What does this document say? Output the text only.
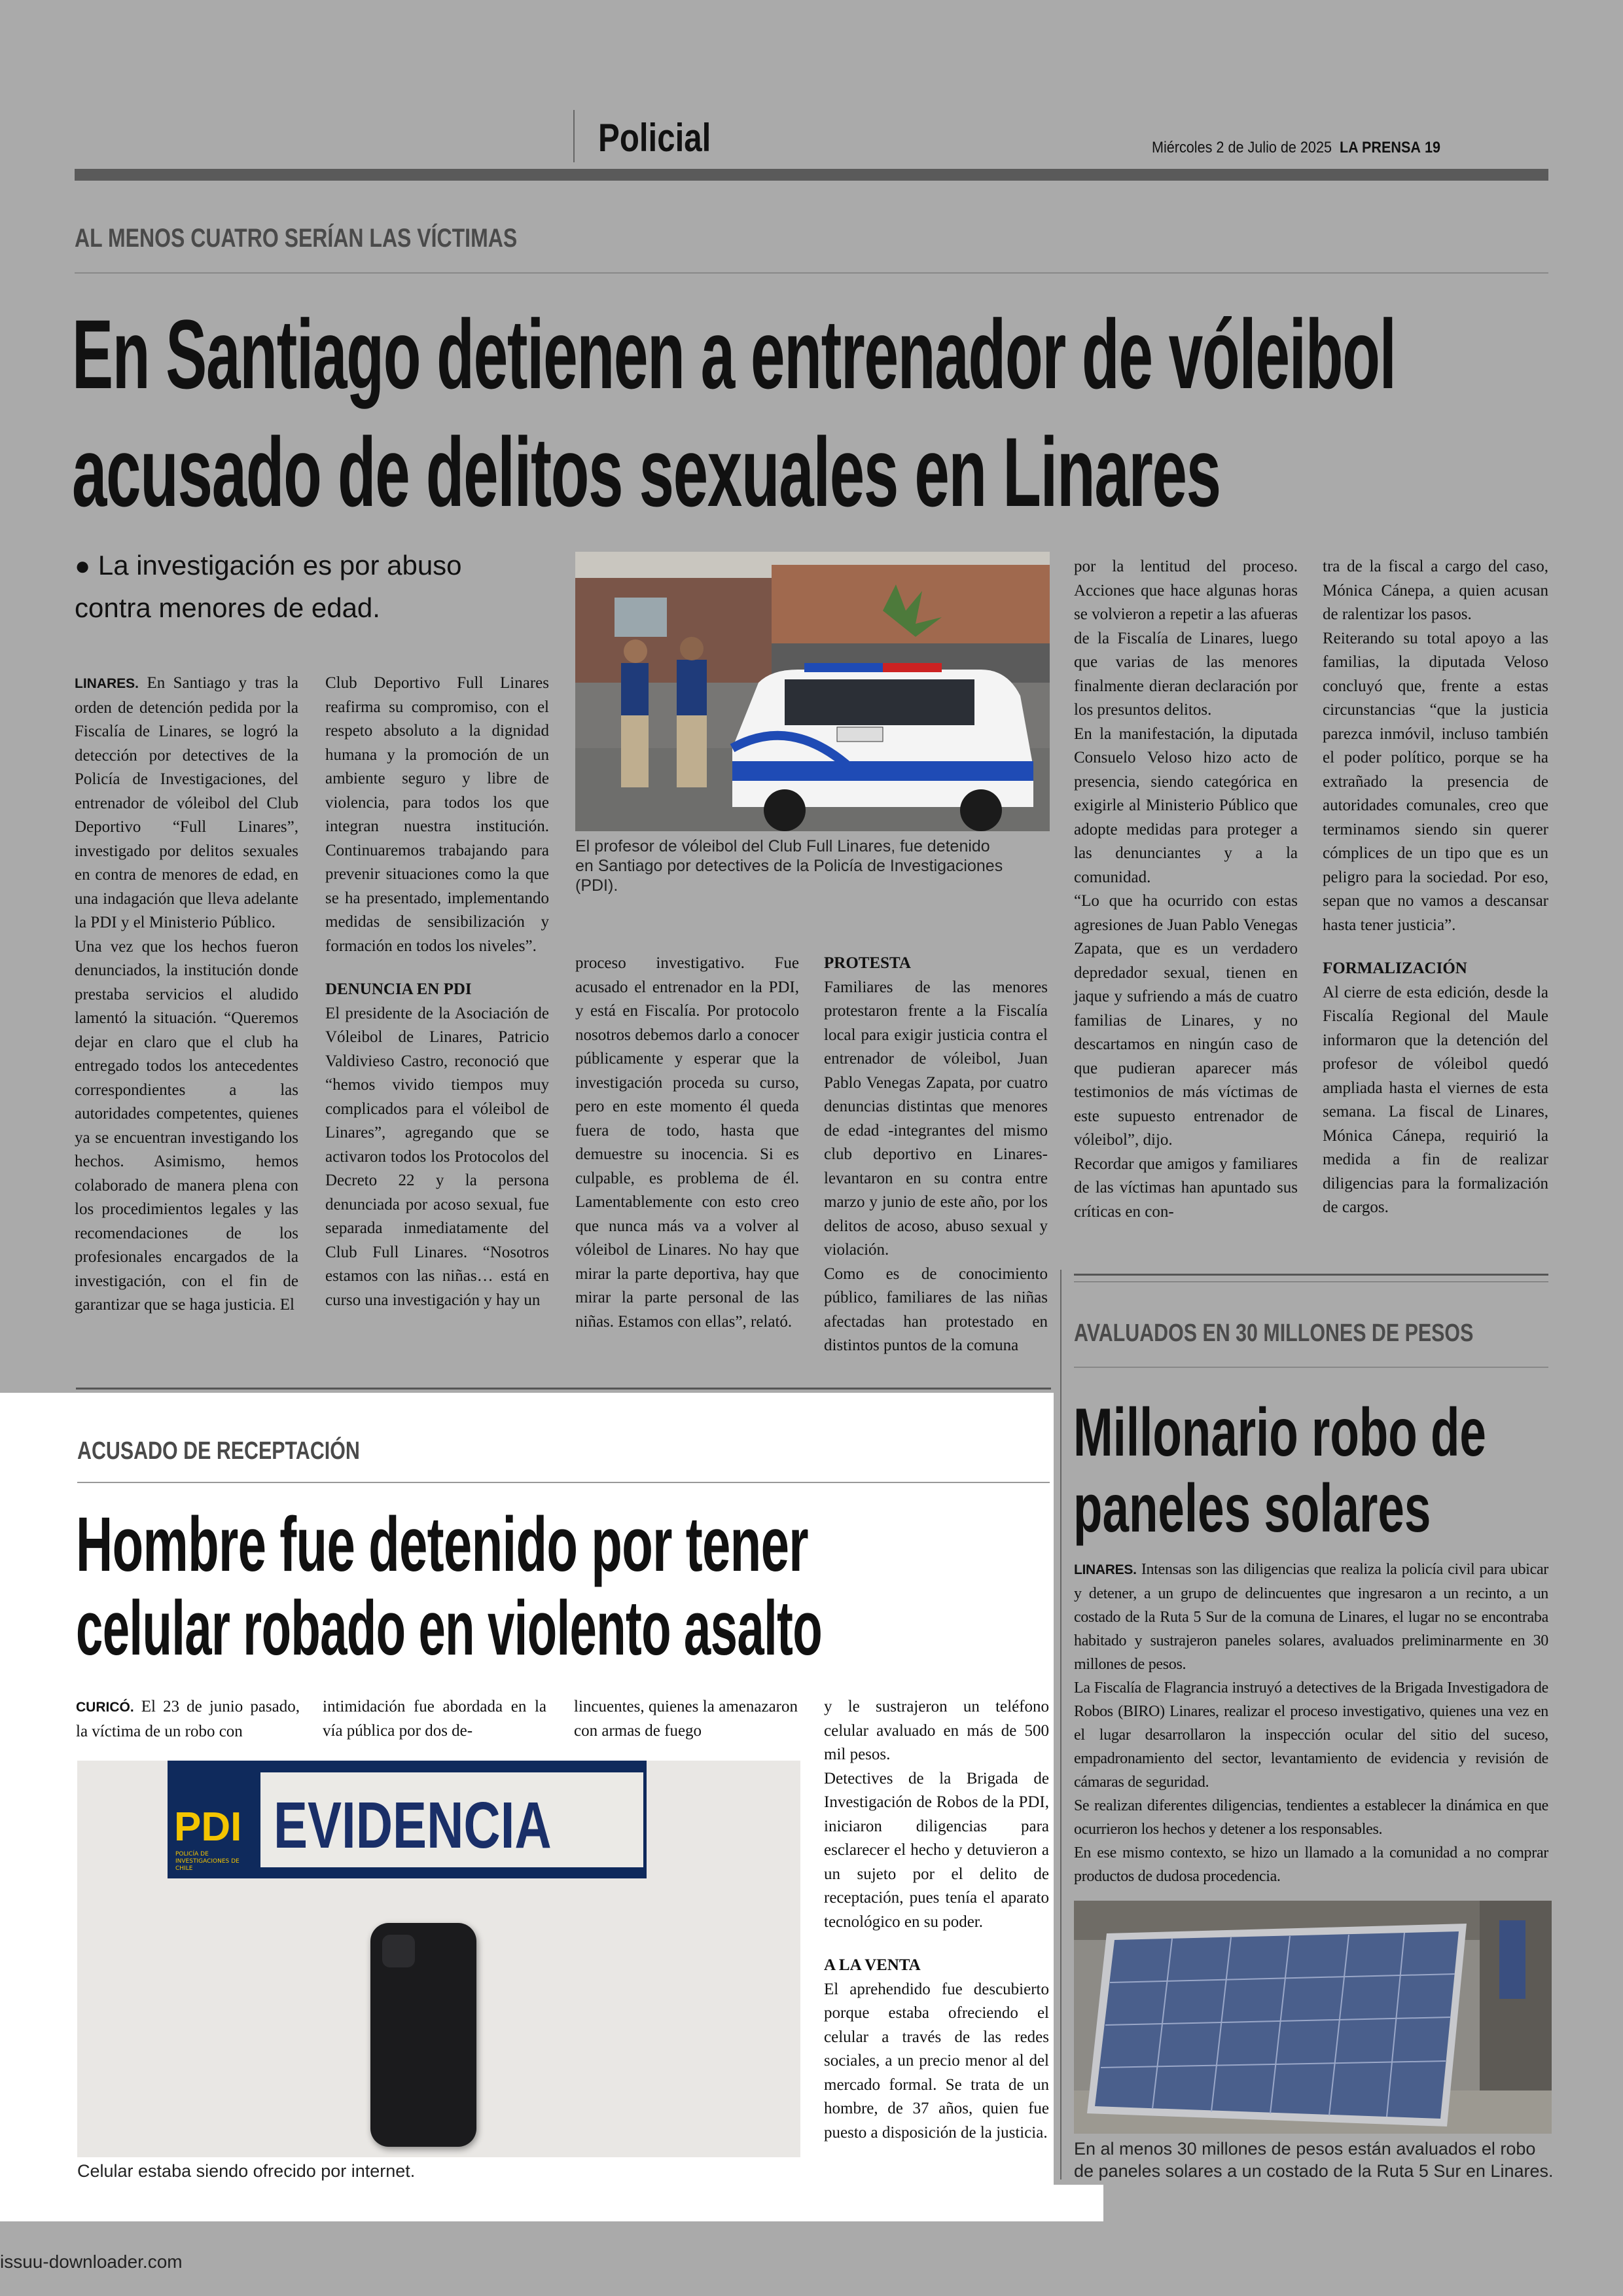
Policial	Miércoles 2 de Julio de 2025 LA PRENSA 19
AL MENOS CUATRO SERÍAN LAS VÍCTIMAS
En Santiago detienen a entrenador de vóleibol
acusado de delitos sexuales en Linares
● La investigación es por abuso
contra menores de edad.
El profesor de vóleibol del Club Full Linares, fue detenido
en Santiago por detectives de la Policía de Investigaciones
(PDI).

LINARES. En Santiago y tras la orden de detención pedida por la Fiscalía de Linares, se logró la detección por detectives de la Policía de Investigaciones, del entrenador de vóleibol del Club Deportivo “Full Linares”, investigado por delitos sexuales en contra de menores de edad, en una indagación que lleva adelante la PDI y el Ministerio Público.

Una vez que los hechos fueron denunciados, la institución donde prestaba servicios el aludido lamentó la situación. “Queremos dejar en claro que el club ha entregado todos los antecedentes correspondientes a las autoridades competentes, quienes ya se encuentran investigando los hechos. Asimismo, hemos colaborado de manera plena con los procedimientos legales y las recomendaciones de los profesionales encargados de la investigación, con el fin de garantizar que se haga justicia. El

Club Deportivo Full Linares reafirma su compromiso, con el respeto absoluto a la dignidad humana y la promoción de un ambiente seguro y libre de violencia, para todos los que integran nuestra institución. Continuaremos trabajando para prevenir situaciones como la que se ha presentado, implementando medidas de sensibilización y formación en todos los niveles”.

DENUNCIA EN PDI

El presidente de la Asociación de Vóleibol de Linares, Patricio Valdivieso Castro, reconoció que “hemos vivido tiempos muy complicados para el vóleibol de Linares”, agregando que se activaron todos los Protocolos del Decreto 22 y la persona denunciada por acoso sexual, fue separada inmediatamente del Club Full Linares. “Nosotros estamos con las niñas… está en curso una investigación y hay un

proceso investigativo. Fue acusado el entrenador en la PDI, y está en Fiscalía. Por protocolo nosotros debemos darlo a conocer públicamente y esperar que la investigación proceda su curso, pero en este momento él queda fuera de todo, hasta que demuestre su inocencia. Si es culpable, es problema de él. Lamentablemente con esto creo que nunca más va a volver al vóleibol de Linares. No hay que mirar la parte deportiva, hay que mirar la parte personal de las niñas. Estamos con ellas”, relató.

PROTESTA

Familiares de las menores protestaron frente a la Fiscalía local para exigir justicia contra el entrenador de vóleibol, Juan Pablo Venegas Zapata, por cuatro denuncias distintas que menores de edad -integrantes del mismo club deportivo en Linares- levantaron en su contra entre marzo y junio de este año, por los delitos de acoso, abuso sexual y violación.

Como es de conocimiento público, familiares de las niñas afectadas han protestado en distintos puntos de la comuna

por la lentitud del proceso. Acciones que hace algunas horas se volvieron a repetir a las afueras de la Fiscalía de Linares, luego que varias de las menores finalmente dieran declaración por los presuntos delitos.

En la manifestación, la diputada Consuelo Veloso hizo acto de presencia, siendo categórica en exigirle al Ministerio Público que adopte medidas para proteger a las denunciantes y a la comunidad.

“Lo que ha ocurrido con estas agresiones de Juan Pablo Venegas Zapata, que es un verdadero depredador sexual, tienen en jaque y sufriendo a más de cuatro familias de Linares, y no descartamos en ningún caso de que pudieran aparecer más testimonios de más víctimas de este supuesto entrenador de vóleibol”, dijo.

Recordar que amigos y familiares de las víctimas han apuntado sus críticas en con-

tra de la fiscal a cargo del caso, Mónica Cánepa, a quien acusan de ralentizar los pasos.

Reiterando su total apoyo a las familias, la diputada Veloso concluyó que, frente a estas circunstancias “que la justicia parezca inmóvil, incluso también el poder político, porque se ha extrañado la presencia de autoridades comunales, creo que terminamos siendo sin querer cómplices de un tipo que es un peligro para la sociedad. Por eso, sepan que no vamos a descansar hasta tener justicia”.

FORMALIZACIÓN

Al cierre de esta edición, desde la Fiscalía Regional del Maule informaron que la detención del profesor de vóleibol quedó ampliada hasta el viernes de esta semana. La fiscal de Linares, Mónica Cánepa, requirió la medida a fin de realizar diligencias para la formalización de cargos.

ACUSADO DE RECEPTACIÓN
Hombre fue detenido por tener
celular robado en violento asalto

CURICÓ. El 23 de junio pasado, la víctima de un robo con

intimidación fue abordada en la vía pública por dos de-

lincuentes, quienes la amenazaron con armas de fuego

y le sustrajeron un teléfono celular avaluado en más de 500 mil pesos.

Detectives de la Brigada de Investigación de Robos de la PDI, iniciaron diligencias para esclarecer el hecho y detuvieron a un sujeto por el delito de receptación, pues tenía el aparato tecnológico en su poder.

A LA VENTA

El aprehendido fue descubierto porque estaba ofreciendo el celular a través de las redes sociales, a un precio menor al del mercado formal. Se trata de un hombre, de 37 años, quien fue puesto a disposición de la justicia.

PDI
POLICÍA DE INVESTIGACIONES DE CHILE
EVIDENCIA
Celular estaba siendo ofrecido por internet.
AVALUADOS EN 30 MILLONES DE PESOS
Millonario robo de
paneles solares

LINARES. Intensas son las diligencias que realiza la policía civil para ubicar y detener, a un grupo de delincuentes que ingresaron a un recinto, a un costado de la Ruta 5 Sur de la comuna de Linares, el lugar no se encontraba habitado y sustrajeron paneles solares, avaluados preliminarmente en 30 millones de pesos.

La Fiscalía de Flagrancia instruyó a detectives de la Brigada Investigadora de Robos (BIRO) Linares, realizar el proceso investigativo, quienes una vez en el lugar desarrollaron la inspección ocular del sitio del suceso, empadronamiento del sector, levantamiento de evidencia y revisión de cámaras de seguridad.

Se realizan diferentes diligencias, tendientes a establecer la dinámica en que ocurrieron los hechos y detener a los responsables.

En ese mismo contexto, se hizo un llamado a la comunidad a no comprar productos de dudosa procedencia.

En al menos 30 millones de pesos están avaluados el robo
de paneles solares a un costado de la Ruta 5 Sur en Linares.
issuu-downloader.com
